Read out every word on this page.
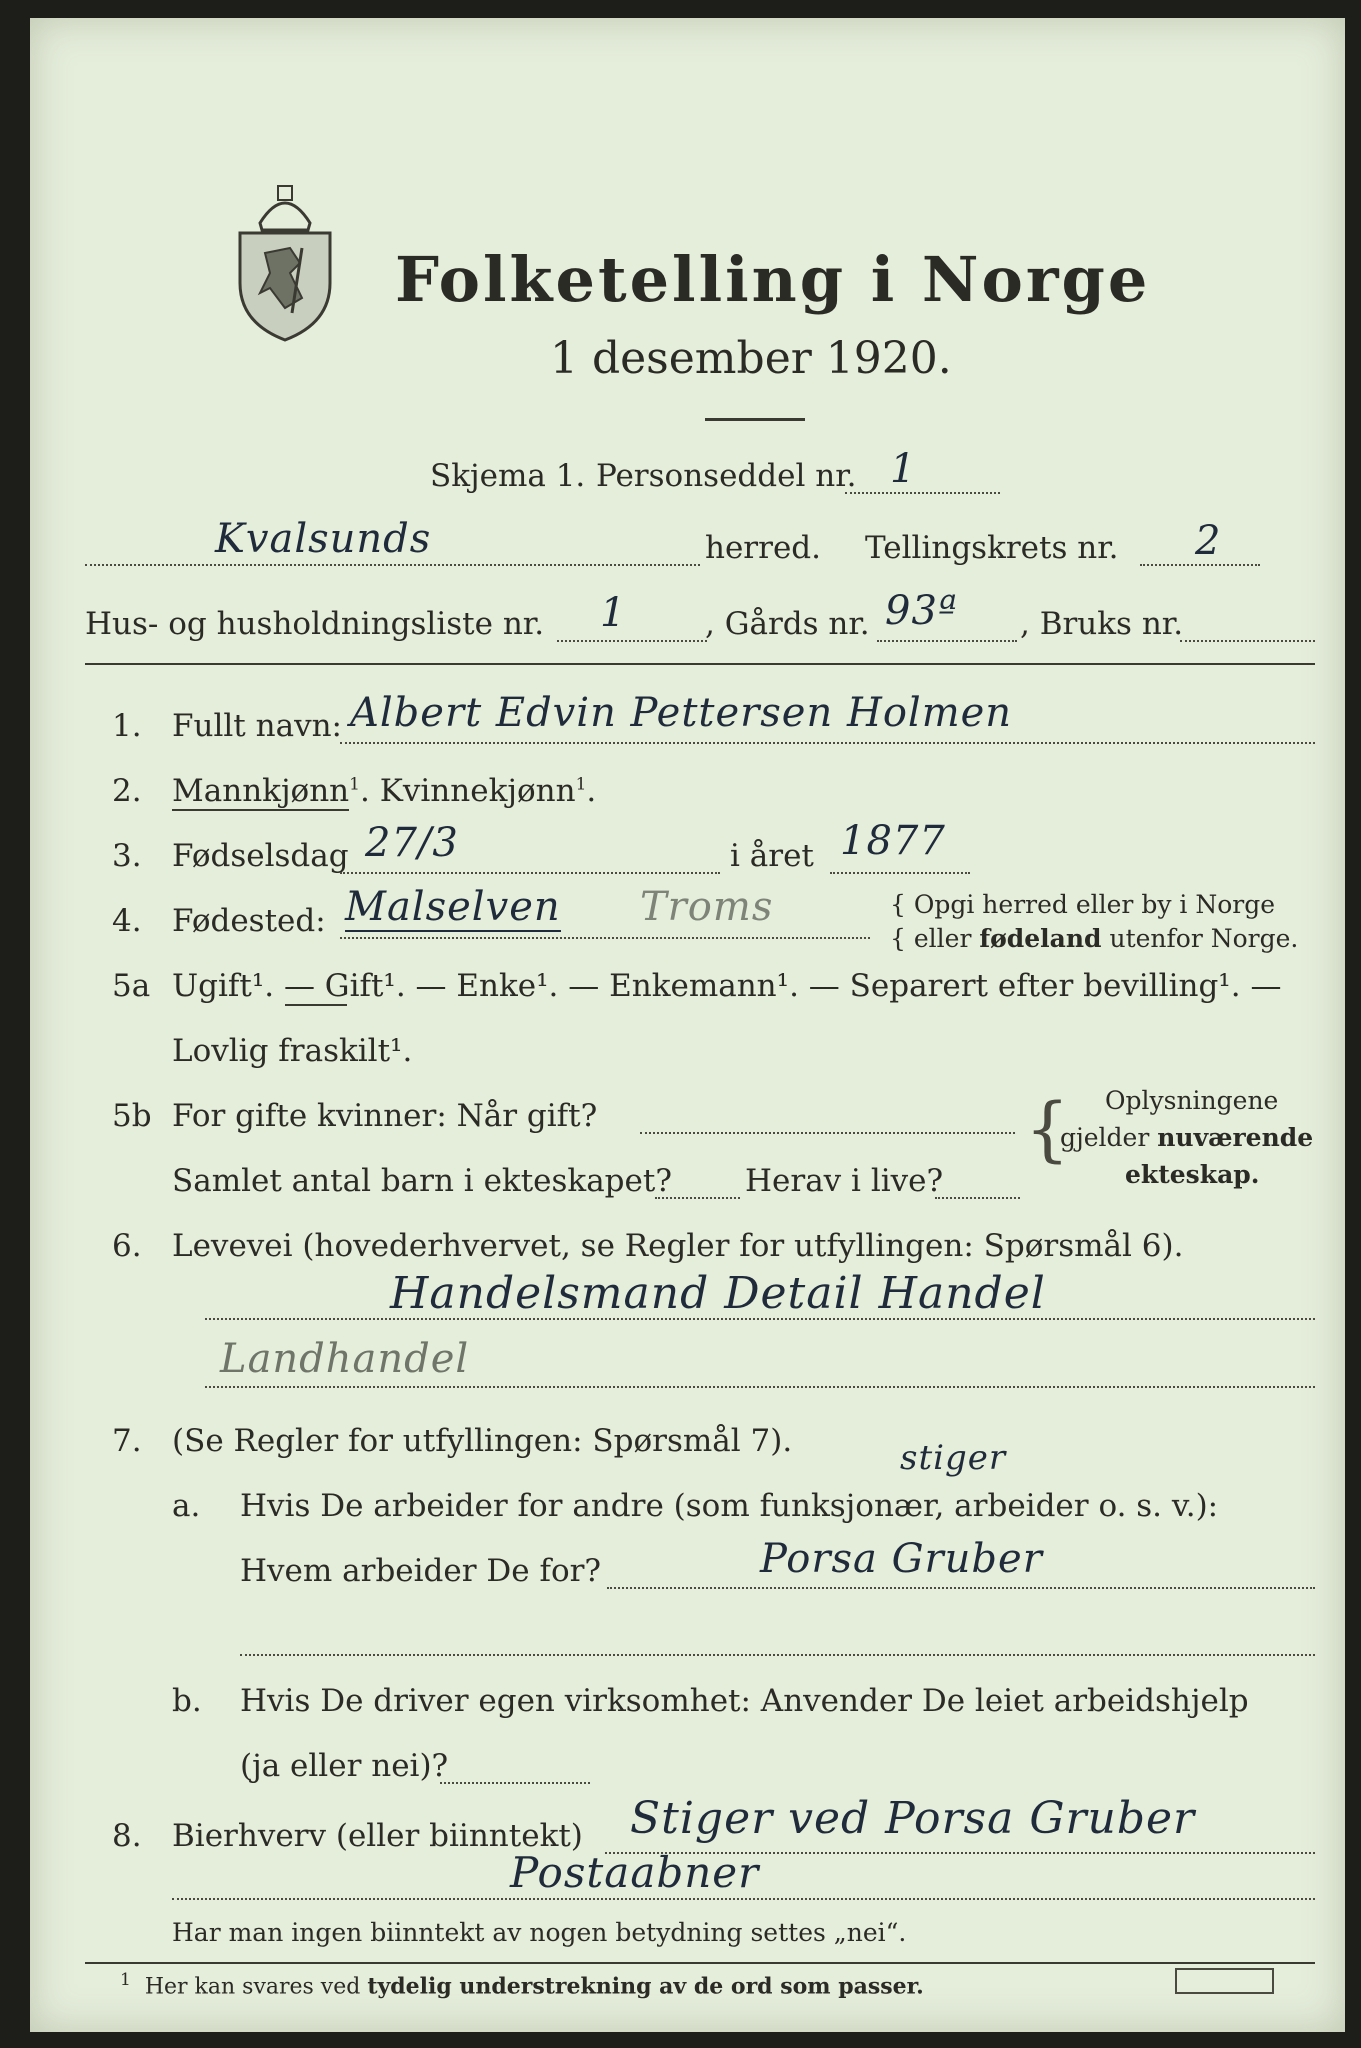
Folketelling i Norge
1 desember 1920.
Skjema 1. Personseddel nr. 1
Kvalsunds	herred. Tellingskrets nr. 2
Hus- og husholdningsliste nr. 1	, Gårds nr. 93ª , Bruks nr.
1. Fullt navn: Albert Edvin Pettersen Holmen
2. Mannkjønn$^1$. Kvinnekjønn$^1$.
3. Fødselsdag 27/3	i året 1877
4. Fødested: Malselven Troms	{ Opgi herred eller by i Norge
{ eller fødeland utenfor Norge.
5a Ugift¹. — Gift¹. — Enke¹. — Enkemann¹. — Separert efter bevilling¹. —
Lovlig fraskilt¹.
5b For gifte kvinner: Når gift?
Samlet antal barn i ekteskapet? Herav i live?
{ Oplysningene
gjelder nuværende
ekteskap.
6. Levevei (hovederhvervet, se Regler for utfyllingen: Spørsmål 6).
Handelsmand Detail Handel
Landhandel
7. (Se Regler for utfyllingen: Spørsmål 7).	stiger
a. Hvis De arbeider for andre (som funksjonær, arbeider o. s. v.):
Hvem arbeider De for?	Porsa Gruber
b. Hvis De driver egen virksomhet: Anvender De leiet arbeidshjelp
(ja eller nei)?
8. Bierhverv (eller biinntekt) Stiger ved Porsa Gruber
Postaabner
Har man ingen biinntekt av nogen betydning settes „nei“.
$^1$ Her kan svares ved tydelig understrekning av de ord som passer.
